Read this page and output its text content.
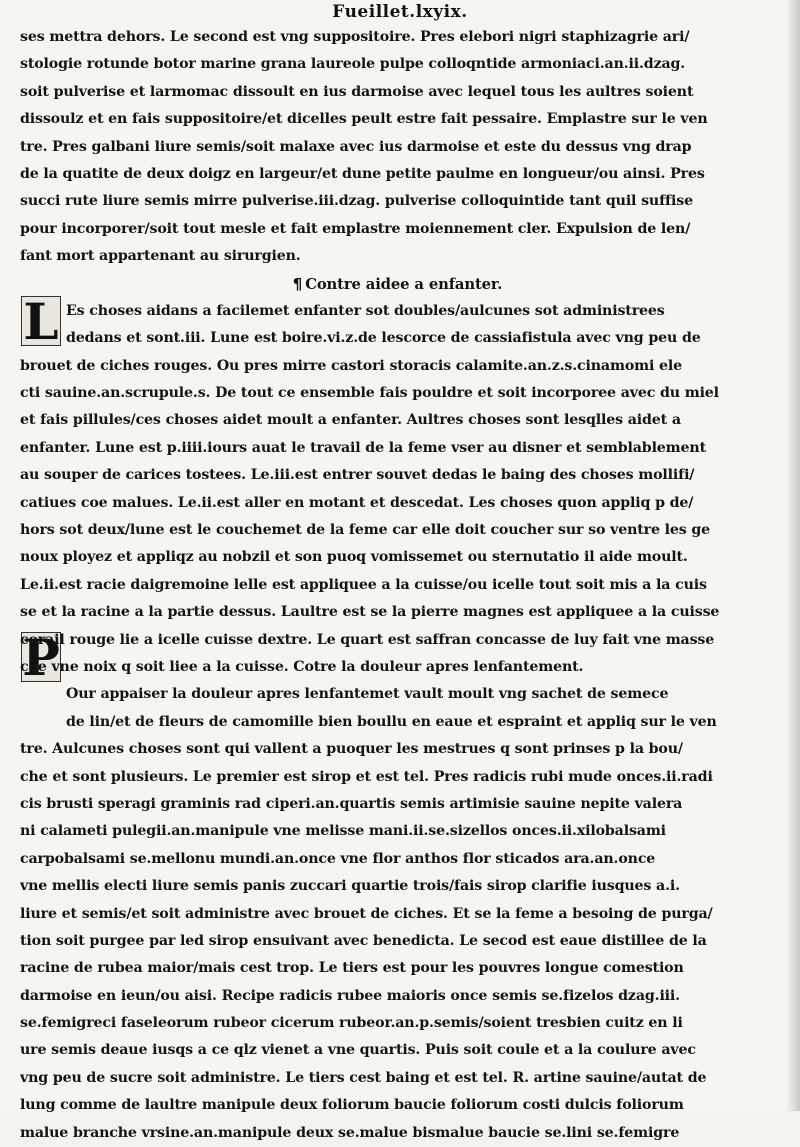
Fueillet.lxyix.
L
P
ses mettra dehors. Le second est vng suppositoire. Pres elebori nigri staphizagrie ari/
stologie rotunde botor marine grana laureole pulpe colloqntide armoniaci.an.ii.dzag.
soit pulverise et larmomac dissoult en ius darmoise avec lequel tous les aultres soient
dissoulz et en fais suppositoire/et dicelles peult estre fait pessaire. Emplastre sur le ven
tre. Pres galbani liure semis/soit malaxe avec ius darmoise et este du dessus vng drap
de la quatite de deux doigz en largeur/et dune petite paulme en longueur/ou ainsi. Pres
succi rute liure semis mirre pulverise.iii.dzag. pulverise colloquintide tant quil suffise
pour incorporer/soit tout mesle et fait emplastre moiennement cler. Expulsion de len/
fant mort appartenant au sirurgien.
¶ Contre aidee a enfanter.
Es choses aidans a facilemet enfanter sot doubles/aulcunes sot administrees
dedans et sont.iii. Lune est boire.vi.z.de lescorce de cassiafistula avec vng peu de
brouet de ciches rouges. Ou pres mirre castori storacis calamite.an.z.s.cinamomi ele
cti sauine.an.scrupule.s. De tout ce ensemble fais pouldre et soit incorporee avec du miel
et fais pillules/ces choses aidet moult a enfanter. Aultres choses sont lesqlles aidet a
enfanter. Lune est p.iiii.iours auat le travail de la feme vser au disner et semblablement
au souper de carices tostees. Le.iii.est entrer souvet dedas le baing des choses mollifi/
catiues coe malues. Le.ii.est aller en motant et descedat. Les choses quon appliq p de/
hors sot deux/lune est le couchemet de la feme car elle doit coucher sur so ventre les ge
noux ployez et appliqz au nobzil et son puoq vomissemet ou sternutatio il aide moult.
Le.ii.est racie daigremoine lelle est appliquee a la cuisse/ou icelle tout soit mis a la cuis
se et la racine a la partie dessus. Laultre est se la pierre magnes est appliquee a la cuisse
corail rouge lie a icelle cuisse dextre. Le quart est saffran concasse de luy fait vne masse
coe vne noix q soit liee a la cuisse. Cotre la douleur apres lenfantement.
Our appaiser la douleur apres lenfantemet vault moult vng sachet de semece
de lin/et de fleurs de camomille bien boullu en eaue et espraint et appliq sur le ven
tre. Aulcunes choses sont qui vallent a puoquer les mestrues q sont prinses p la bou/
che et sont plusieurs. Le premier est sirop et est tel. Pres radicis rubi mude onces.ii.radi
cis brusti speragi graminis rad ciperi.an.quartis semis artimisie sauine nepite valera
ni calameti pulegii.an.manipule vne melisse mani.ii.se.sizellos onces.ii.xilobalsami
carpobalsami se.mellonu mundi.an.once vne flor anthos flor sticados ara.an.once
vne mellis electi liure semis panis zuccari quartie trois/fais sirop clarifie iusques a.i.
liure et semis/et soit administre avec brouet de ciches. Et se la feme a besoing de purga/
tion soit purgee par led sirop ensuivant avec benedicta. Le secod est eaue distillee de la
racine de rubea maior/mais cest trop. Le tiers est pour les pouvres longue comestion
darmoise en ieun/ou aisi. Recipe radicis rubee maioris once semis se.fizelos dzag.iii.
se.femigreci faseleorum rubeor cicerum rubeor.an.p.semis/soient tresbien cuitz en li
ure semis deaue iusqs a ce qlz vienet a vne quartis. Puis soit coule et a la coulure avec
vng peu de sucre soit administre. Le tiers cest baing et est tel. R. artine sauine/autat de
lung comme de laultre manipule deux foliorum baucie foliorum costi dulcis foliorum
malue branche vrsine.an.manipule deux se.malue bismalue baucie se.lini se.femigre
